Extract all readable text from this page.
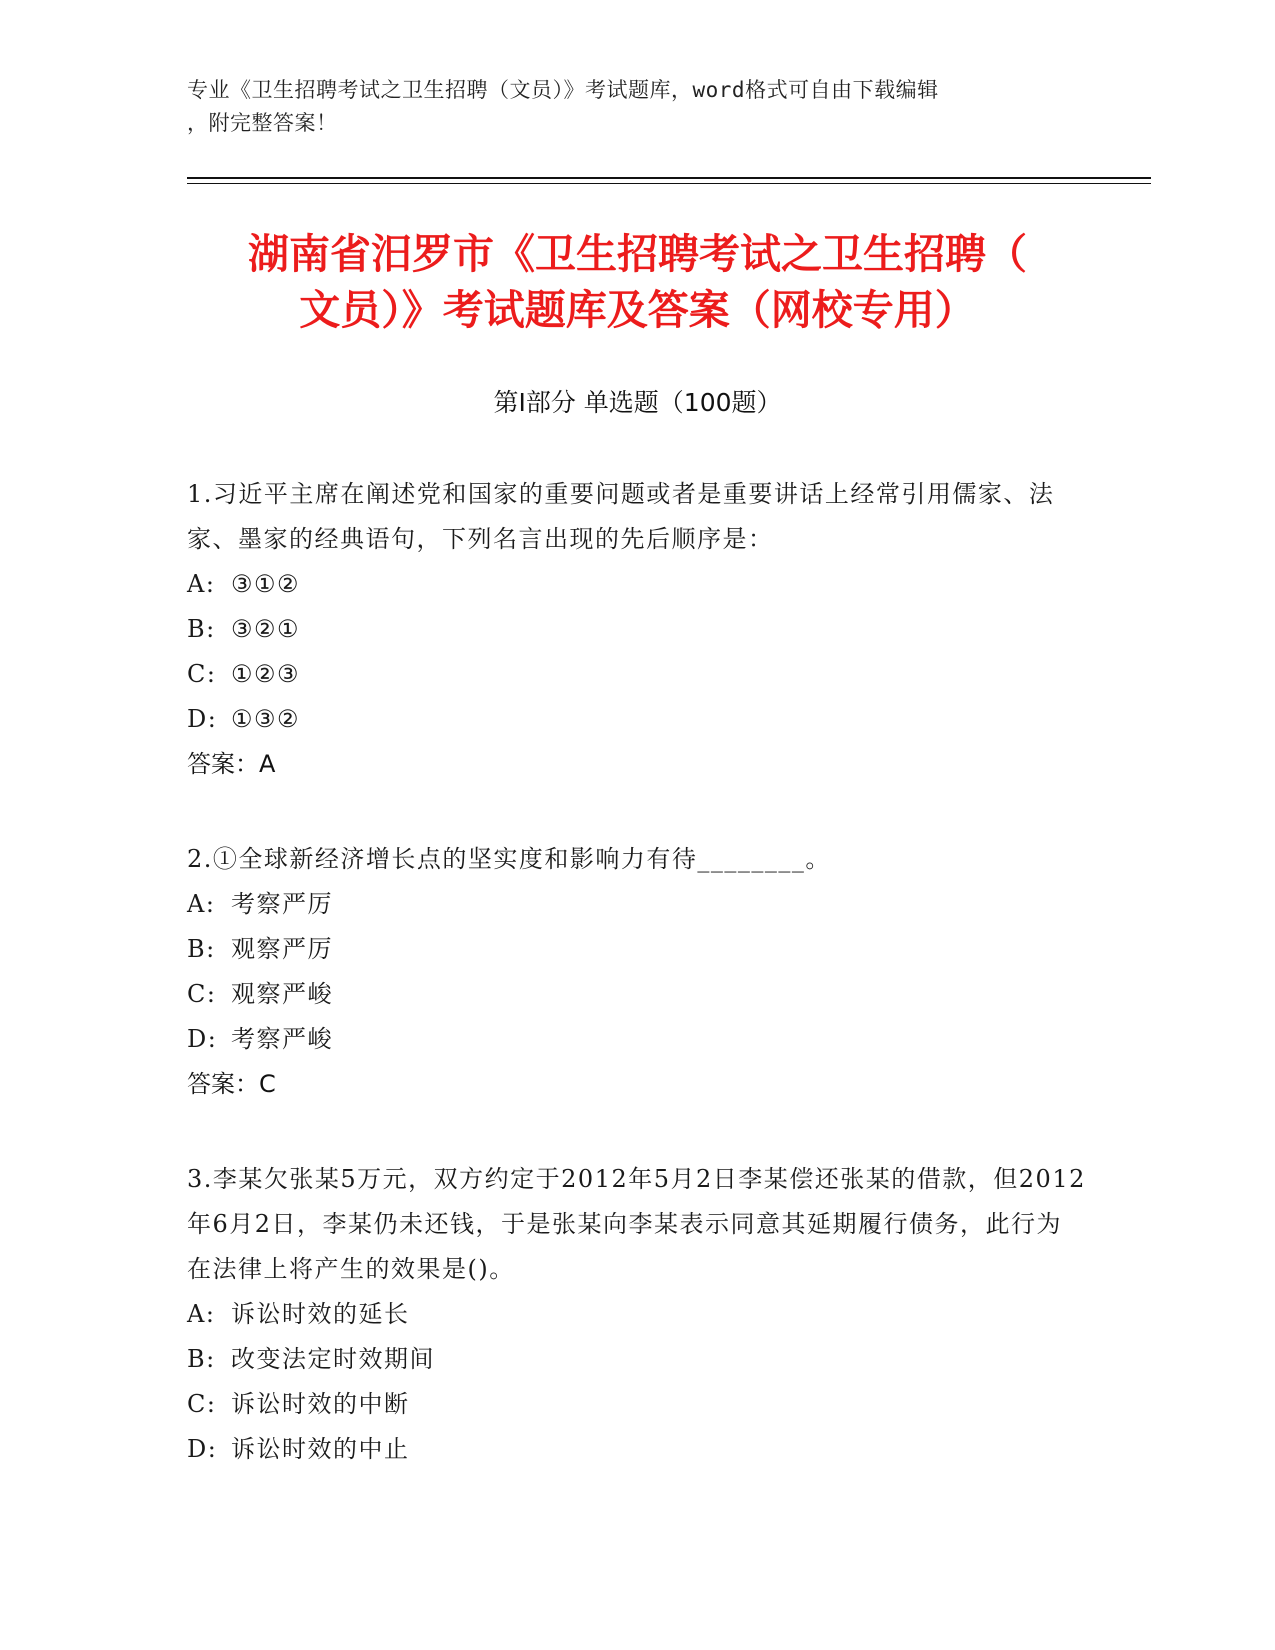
专业《卫生招聘考试之卫生招聘（文员）》考试题库，word格式可自由下载编辑
，附完整答案！
湖南省汨罗市《卫生招聘考试之卫生招聘（
文员）》考试题库及答案（网校专用）
第Ⅰ部分 单选题（100题）
1.习近平主席在阐述党和国家的重要问题或者是重要讲话上经常引用儒家、法家、墨家的经典语句，下列名言出现的先后顺序是：
A: ③①②
B: ③②①
C: ①②③
D: ①③②
答案：A
2.①全球新经济增长点的坚实度和影响力有待________。
A: 考察严厉
B: 观察严厉
C: 观察严峻
D: 考察严峻
答案：C
3.李某欠张某5万元，双方约定于2012年5月2日李某偿还张某的借款，但2012年6月2日，李某仍未还钱，于是张某向李某表示同意其延期履行债务，此行为在法律上将产生的效果是()。
A: 诉讼时效的延长
B: 改变法定时效期间
C: 诉讼时效的中断
D: 诉讼时效的中止
